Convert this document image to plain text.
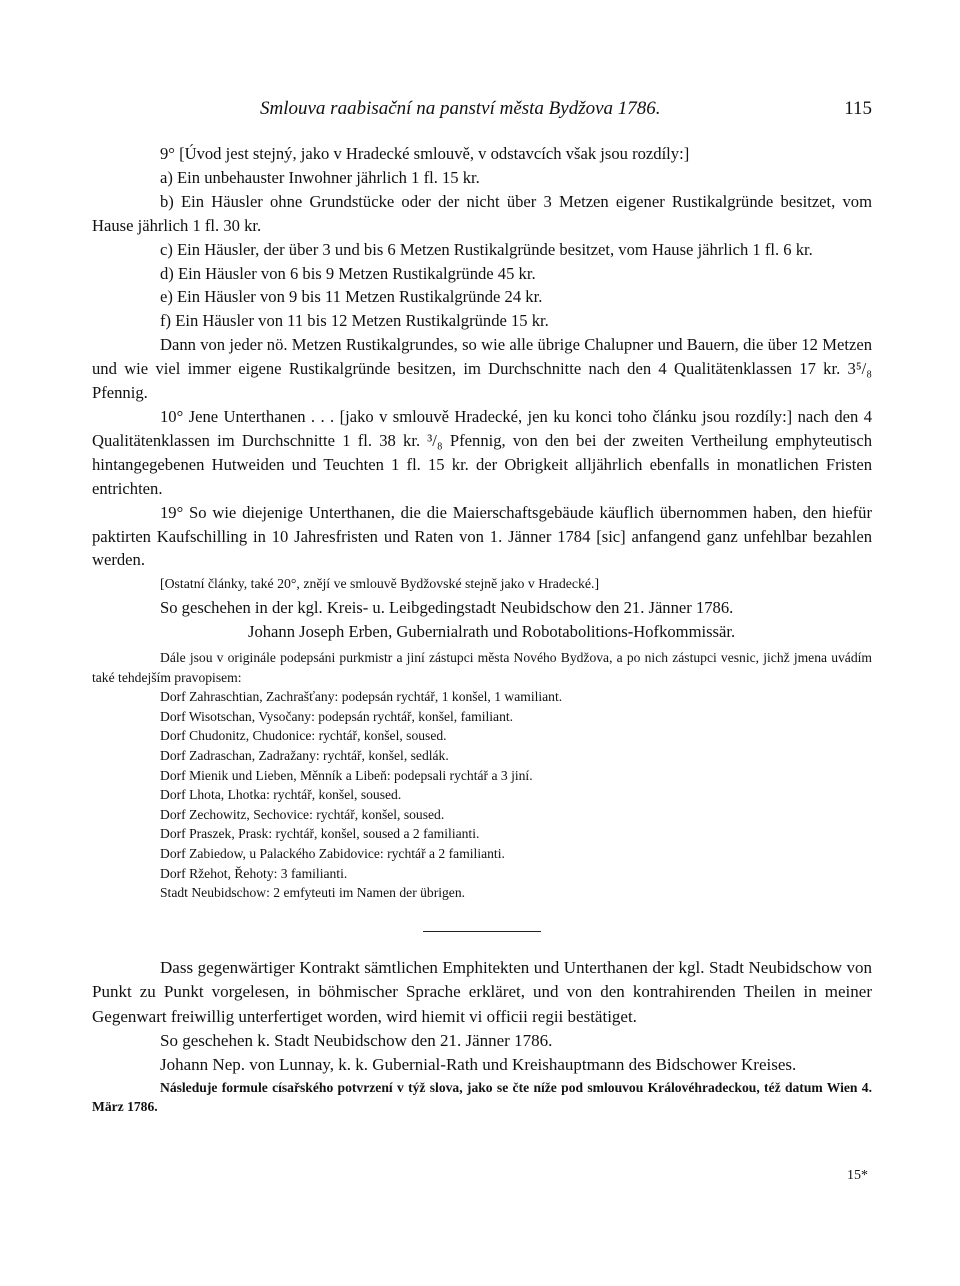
Smlouva raabisační na panství města Bydžova 1786.	115

9° [Úvod jest stejný, jako v Hradecké smlouvě, v odstavcích však jsou rozdíly:]

a) Ein unbehauster Inwohner jährlich 1 fl. 15 kr.

b) Ein Häusler ohne Grundstücke oder der nicht über 3 Metzen eigener Rustikalgründe besitzet, vom Hause jährlich 1 fl. 30 kr.

c) Ein Häusler, der über 3 und bis 6 Metzen Rustikalgründe besitzet, vom Hause jährlich 1 fl. 6 kr.

d) Ein Häusler von 6 bis 9 Metzen Rustikalgründe 45 kr.

e) Ein Häusler von 9 bis 11 Metzen Rustikalgründe 24 kr.

f) Ein Häusler von 11 bis 12 Metzen Rustikalgründe 15 kr.

Dann von jeder nö. Metzen Rustikalgrundes, so wie alle übrige Chalupner und Bauern, die über 12 Metzen und wie viel immer eigene Rustikalgründe besitzen, im Durchschnitte nach den 4 Qualitätenklassen 17 kr. 3⁵/₈ Pfennig.

10° Jene Unterthanen . . . [jako v smlouvě Hradecké, jen ku konci toho článku jsou rozdíly:] nach den 4 Qualitätenklassen im Durchschnitte 1 fl. 38 kr. ³/₈ Pfennig, von den bei der zweiten Vertheilung emphyteutisch hintangegebenen Hutweiden und Teuchten 1 fl. 15 kr. der Obrigkeit alljährlich ebenfalls in monatlichen Fristen entrichten.

19° So wie diejenige Unterthanen, die die Maierschaftsgebäude käuflich übernommen haben, den hiefür paktirten Kaufschilling in 10 Jahresfristen und Raten von 1. Jänner 1784 [sic] anfangend ganz unfehlbar bezahlen werden.

[Ostatní články, také 20°, znějí ve smlouvě Bydžovské stejně jako v Hradecké.]

So geschehen in der kgl. Kreis- u. Leibgedingstadt Neubidschow den 21. Jänner 1786.

Johann Joseph Erben, Gubernialrath und Robotabolitions-Hofkommissär.

Dále jsou v originále podepsáni purkmistr a jiní zástupci města Nového Bydžova, a po nich zástupci vesnic, jichž jmena uvádím také tehdejším pravopisem:

Dorf Zahraschtian, Zachrašťany: podepsán rychtář, 1 konšel, 1 wamiliant.

Dorf Wisotschan, Vysočany: podepsán rychtář, konšel, familiant.

Dorf Chudonitz, Chudonice: rychtář, konšel, soused.

Dorf Zadraschan, Zadražany: rychtář, konšel, sedlák.

Dorf Mienik und Lieben, Měnník a Libeň: podepsali rychtář a 3 jiní.

Dorf Lhota, Lhotka: rychtář, konšel, soused.

Dorf Zechowitz, Sechovice: rychtář, konšel, soused.

Dorf Praszek, Prask: rychtář, konšel, soused a 2 familianti.

Dorf Zabiedow, u Palackého Zabidovice: rychtář a 2 familianti.

Dorf Ržehot, Řehoty: 3 familianti.

Stadt Neubidschow: 2 emfyteuti im Namen der übrigen.

Dass gegenwärtiger Kontrakt sämtlichen Emphitekten und Unterthanen der kgl. Stadt Neubidschow von Punkt zu Punkt vorgelesen, in böhmischer Sprache erkläret, und von den kontrahirenden Theilen in meiner Gegenwart freiwillig unterfertiget worden, wird hiemit vi officii regii bestätiget.

So geschehen k. Stadt Neubidschow den 21. Jänner 1786.

Johann Nep. von Lunnay, k. k. Gubernial-Rath und Kreishauptmann des Bidschower Kreises.

Následuje formule císařského potvrzení v týž slova, jako se čte níže pod smlouvou Královéhradeckou, též datum Wien 4. März 1786.

15*
